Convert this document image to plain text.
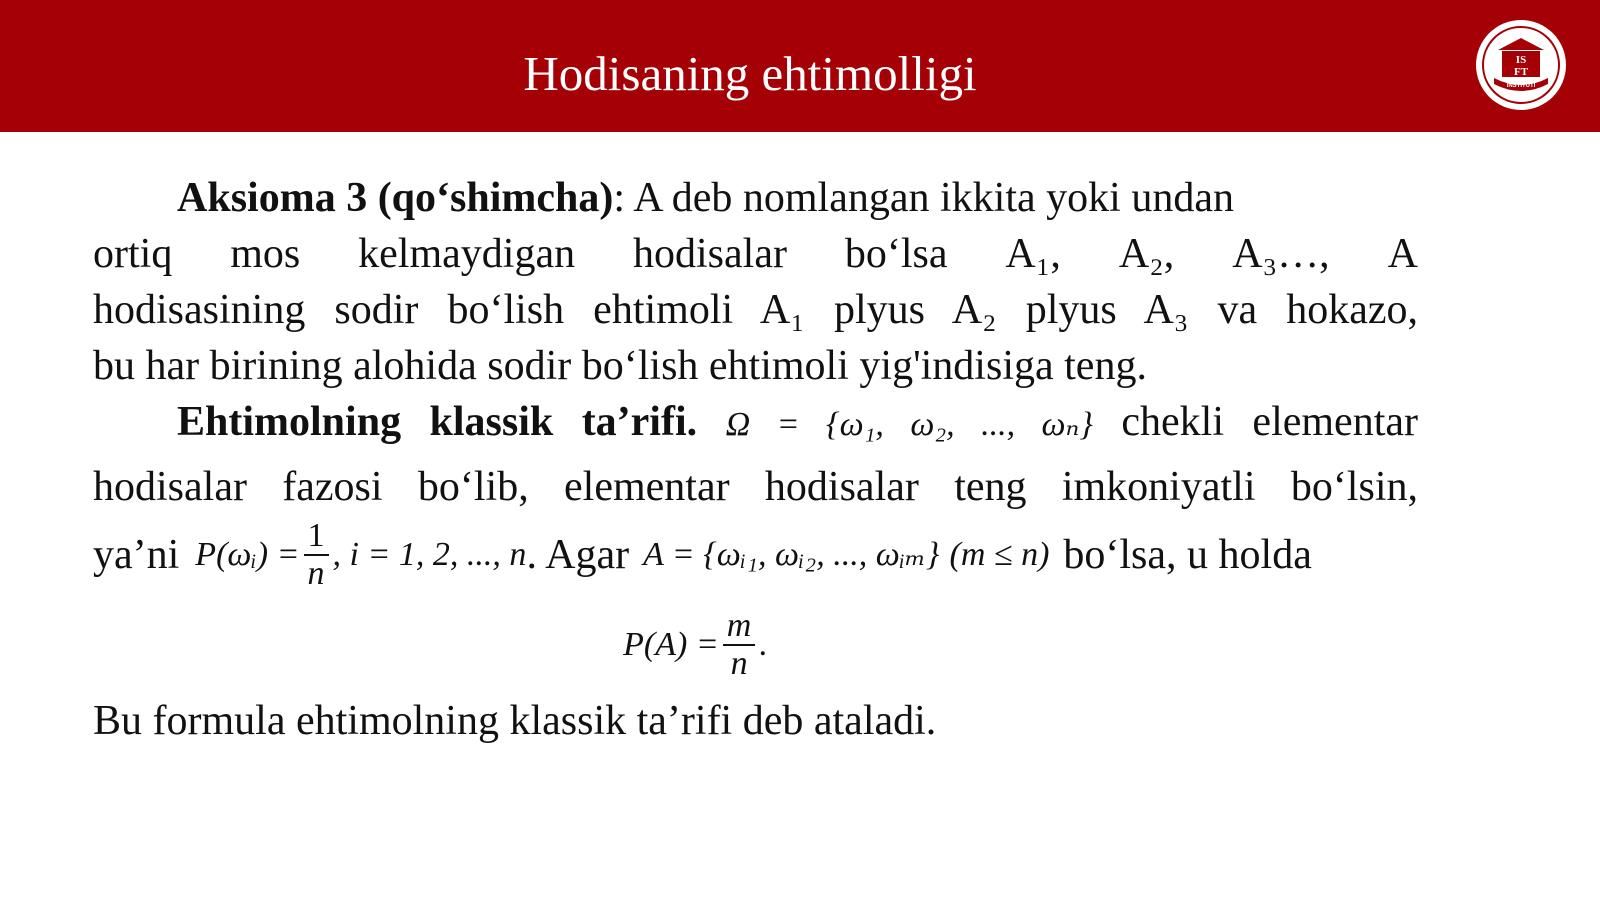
Hodisaning ehtimolligi	IS
FT
INSTITUTI

Aksioma 3 (qo‘shimcha): A deb nomlangan ikkita yoki undan

ortiq mos kelmaydigan hodisalar bo‘lsa A₁, A₂, A₃…, A

hodisasining sodir bo‘lish ehtimoli A₁ plyus A₂ plyus A₃ va hokazo,

bu har birining alohida sodir bo‘lish ehtimoli yig'indisiga teng.

Ehtimolning klassik ta’rifi. Ω = {ω₁, ω₂, ..., ωₙ} chekli elementar

hodisalar fazosi bo‘lib, elementar hodisalar teng imkoniyatli bo‘lsin,

ya’ni P(ωᵢ) = $\frac{1}{n}$ , i = 1, 2, ..., n . Agar A = {ωᵢ₁, ωᵢ₂, ..., ωᵢₘ} (m ≤ n) bo‘lsa, u holda
$P(A) = \frac{m}{n}$ .

Bu formula ehtimolning klassik ta’rifi deb ataladi.
